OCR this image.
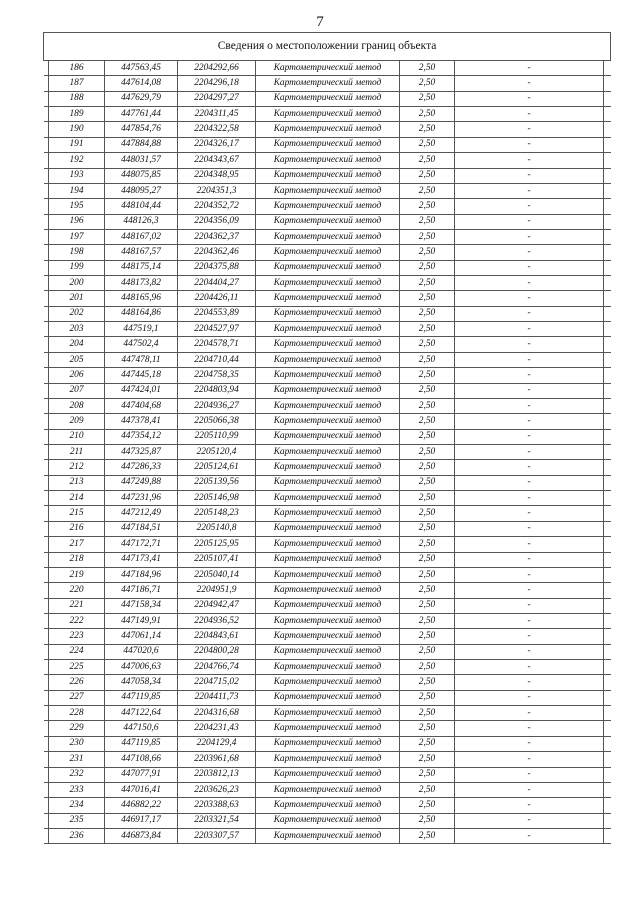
7
Сведения о местоположении границ объекта							
	186	447563,45	2204292,66	Картометрический метод	2,50	-	
	187	447614,08	2204296,18	Картометрический метод	2,50	-	
	188	447629,79	2204297,27	Картометрический метод	2,50	-	
	189	447761,44	2204311,45	Картометрический метод	2,50	-	
	190	447854,76	2204322,58	Картометрический метод	2,50	-	
	191	447884,88	2204326,17	Картометрический метод	2,50	-	
	192	448031,57	2204343,67	Картометрический метод	2,50	-	
	193	448075,85	2204348,95	Картометрический метод	2,50	-	
	194	448095,27	2204351,3	Картометрический метод	2,50	-	
	195	448104,44	2204352,72	Картометрический метод	2,50	-	
	196	448126,3	2204356,09	Картометрический метод	2,50	-	
	197	448167,02	2204362,37	Картометрический метод	2,50	-	
	198	448167,57	2204362,46	Картометрический метод	2,50	-	
	199	448175,14	2204375,88	Картометрический метод	2,50	-	
	200	448173,82	2204404,27	Картометрический метод	2,50	-	
	201	448165,96	2204426,11	Картометрический метод	2,50	-	
	202	448164,86	2204553,89	Картометрический метод	2,50	-	
	203	447519,1	2204527,97	Картометрический метод	2,50	-	
	204	447502,4	2204578,71	Картометрический метод	2,50	-	
	205	447478,11	2204710,44	Картометрический метод	2,50	-	
	206	447445,18	2204758,35	Картометрический метод	2,50	-	
	207	447424,01	2204803,94	Картометрический метод	2,50	-	
	208	447404,68	2204936,27	Картометрический метод	2,50	-	
	209	447378,41	2205066,38	Картометрический метод	2,50	-	
	210	447354,12	2205110,99	Картометрический метод	2,50	-	
	211	447325,87	2205120,4	Картометрический метод	2,50	-	
	212	447286,33	2205124,61	Картометрический метод	2,50	-	
	213	447249,88	2205139,56	Картометрический метод	2,50	-	
	214	447231,96	2205146,98	Картометрический метод	2,50	-	
	215	447212,49	2205148,23	Картометрический метод	2,50	-	
	216	447184,51	2205140,8	Картометрический метод	2,50	-	
	217	447172,71	2205125,95	Картометрический метод	2,50	-	
	218	447173,41	2205107,41	Картометрический метод	2,50	-	
	219	447184,96	2205040,14	Картометрический метод	2,50	-	
	220	447186,71	2204951,9	Картометрический метод	2,50	-	
	221	447158,34	2204942,47	Картометрический метод	2,50	-	
	222	447149,91	2204936,52	Картометрический метод	2,50	-	
	223	447061,14	2204843,61	Картометрический метод	2,50	-	
	224	447020,6	2204800,28	Картометрический метод	2,50	-	
	225	447006,63	2204766,74	Картометрический метод	2,50	-	
	226	447058,34	2204715,02	Картометрический метод	2,50	-	
	227	447119,85	2204411,73	Картометрический метод	2,50	-	
	228	447122,64	2204316,68	Картометрический метод	2,50	-	
	229	447150,6	2204231,43	Картометрический метод	2,50	-	
	230	447119,85	2204129,4	Картометрический метод	2,50	-	
	231	447108,66	2203961,68	Картометрический метод	2,50	-	
	232	447077,91	2203812,13	Картометрический метод	2,50	-	
	233	447016,41	2203626,23	Картометрический метод	2,50	-	
	234	446882,22	2203388,63	Картометрический метод	2,50	-	
	235	446917,17	2203321,54	Картометрический метод	2,50	-	
	236	446873,84	2203307,57	Картометрический метод	2,50	-	
